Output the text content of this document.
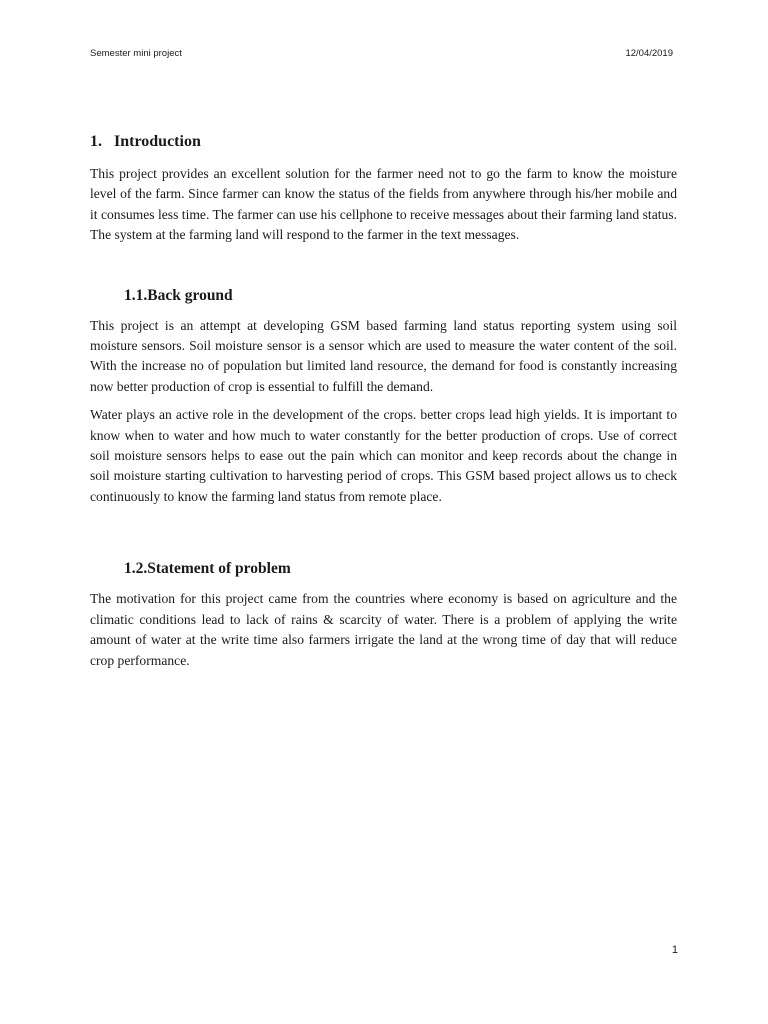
Semester mini project	12/04/2019
1. Introduction

This project provides an excellent solution for the farmer need not to go the farm to know the moisture level of the farm. Since farmer can know the status of the fields from anywhere through his/her mobile and it consumes less time. The farmer can use his cellphone to receive messages about their farming land status. The system at the farming land will respond to the farmer in the text messages.

1.1.Back ground

This project is an attempt at developing GSM based farming land status reporting system using soil moisture sensors. Soil moisture sensor is a sensor which are used to measure the water content of the soil. With the increase no of population but limited land resource, the demand for food is constantly increasing now better production of crop is essential to fulfill the demand.

Water plays an active role in the development of the crops. better crops lead high yields. It is important to know when to water and how much to water constantly for the better production of crops. Use of correct soil moisture sensors helps to ease out the pain which can monitor and keep records about the change in soil moisture starting cultivation to harvesting period of crops. This GSM based project allows us to check continuously to know the farming land status from remote place.

1.2.Statement of problem

The motivation for this project came from the countries where economy is based on agriculture and the climatic conditions lead to lack of rains & scarcity of water. There is a problem of applying the write amount of water at the write time also farmers irrigate the land at the wrong time of day that will reduce crop performance.

1
